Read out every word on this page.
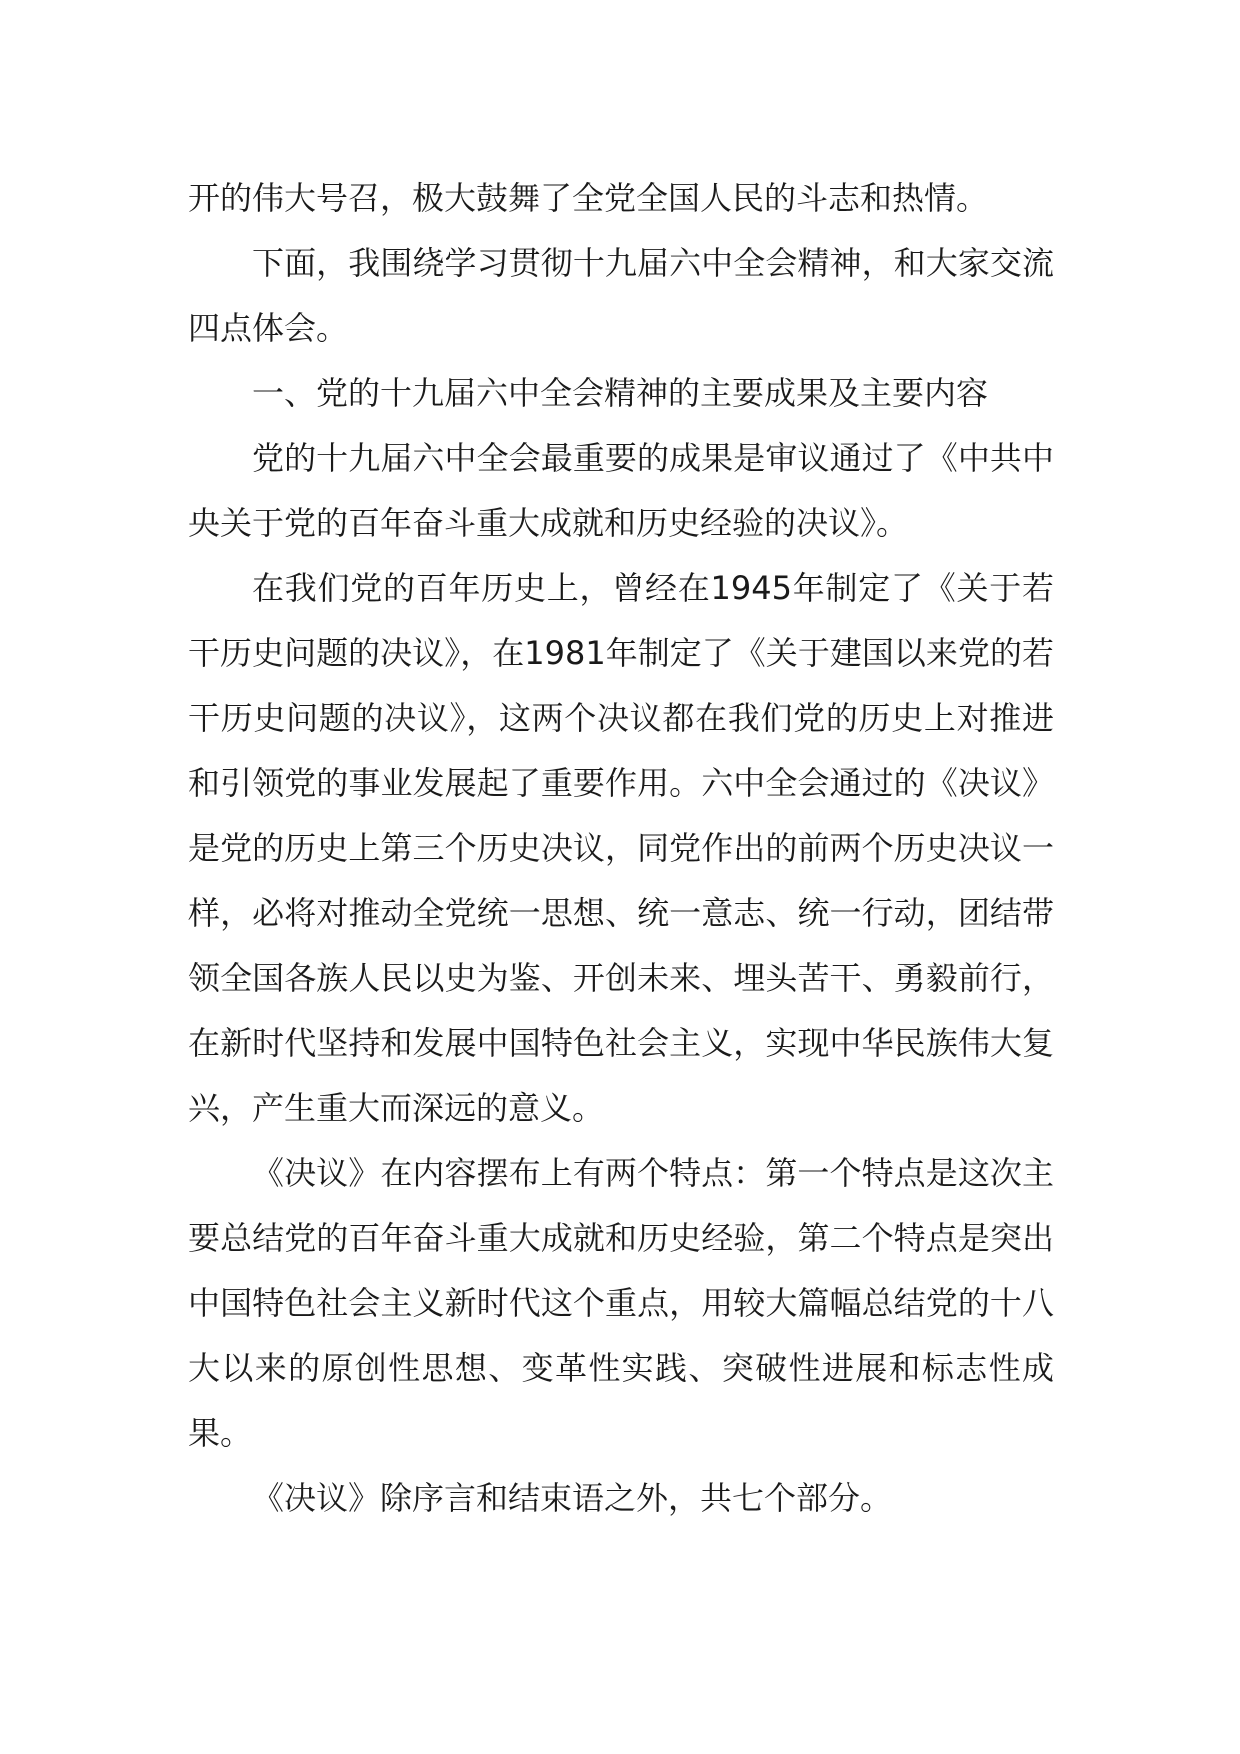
开的伟大号召，极大鼓舞了全党全国人民的斗志和热情。

下面，我围绕学习贯彻十九届六中全会精神，和大家交流四点体会。

一、党的十九届六中全会精神的主要成果及主要内容

党的十九届六中全会最重要的成果是审议通过了《中共中央关于党的百年奋斗重大成就和历史经验的决议》。

在我们党的百年历史上，曾经在1945年制定了《关于若干历史问题的决议》，在1981年制定了《关于建国以来党的若干历史问题的决议》，这两个决议都在我们党的历史上对推进和引领党的事业发展起了重要作用。六中全会通过的《决议》是党的历史上第三个历史决议，同党作出的前两个历史决议一样，必将对推动全党统一思想、统一意志、统一行动，团结带领全国各族人民以史为鉴、开创未来、埋头苦干、勇毅前行，在新时代坚持和发展中国特色社会主义，实现中华民族伟大复兴，产生重大而深远的意义。

《决议》在内容摆布上有两个特点：第一个特点是这次主要总结党的百年奋斗重大成就和历史经验，第二个特点是突出中国特色社会主义新时代这个重点，用较大篇幅总结党的十八大以来的原创性思想、变革性实践、突破性进展和标志性成果。

《决议》除序言和结束语之外，共七个部分。
